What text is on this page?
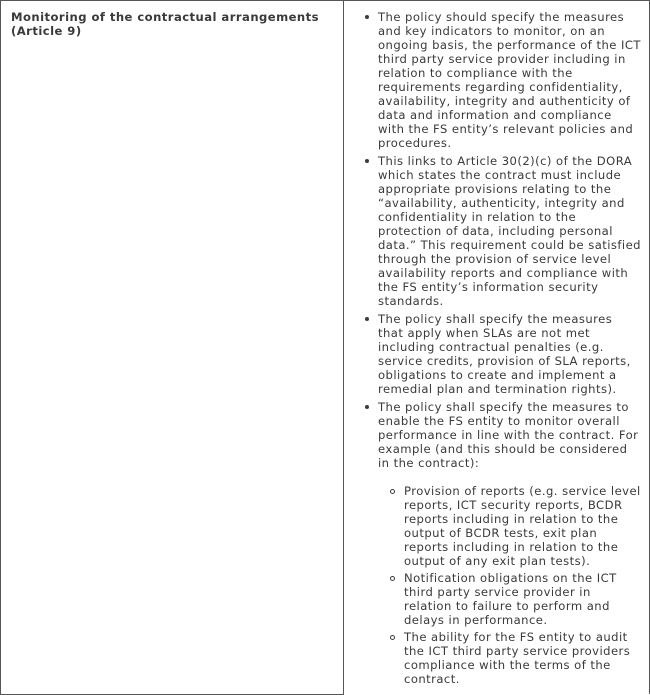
Monitoring of the contractual arrangements (Article 9)

The policy should specify the measures and key indicators to monitor, on an ongoing basis, the performance of the ICT third party service provider including in relation to compliance with the requirements regarding confidentiality, availability, integrity and authenticity of data and information and compliance with the FS entity’s relevant policies and procedures.
This links to Article 30(2)(c) of the DORA which states the contract must include appropriate provisions relating to the “availability, authenticity, integrity and confidentiality in relation to the protection of data, including personal data.” This requirement could be satisfied through the provision of service level availability reports and compliance with the FS entity’s information security standards.
The policy shall specify the measures that apply when SLAs are not met including contractual penalties (e.g. service credits, provision of SLA reports, obligations to create and implement a remedial plan and termination rights).
The policy shall specify the measures to enable the FS entity to monitor overall performance in line with the contract. For example (and this should be considered in the contract):
Provision of reports (e.g. service level reports, ICT security reports, BCDR reports including in relation to the output of BCDR tests, exit plan reports including in relation to the output of any exit plan tests).
Notification obligations on the ICT third party service provider in relation to failure to perform and delays in performance.
The ability for the FS entity to audit the ICT third party service providers compliance with the terms of the contract.
